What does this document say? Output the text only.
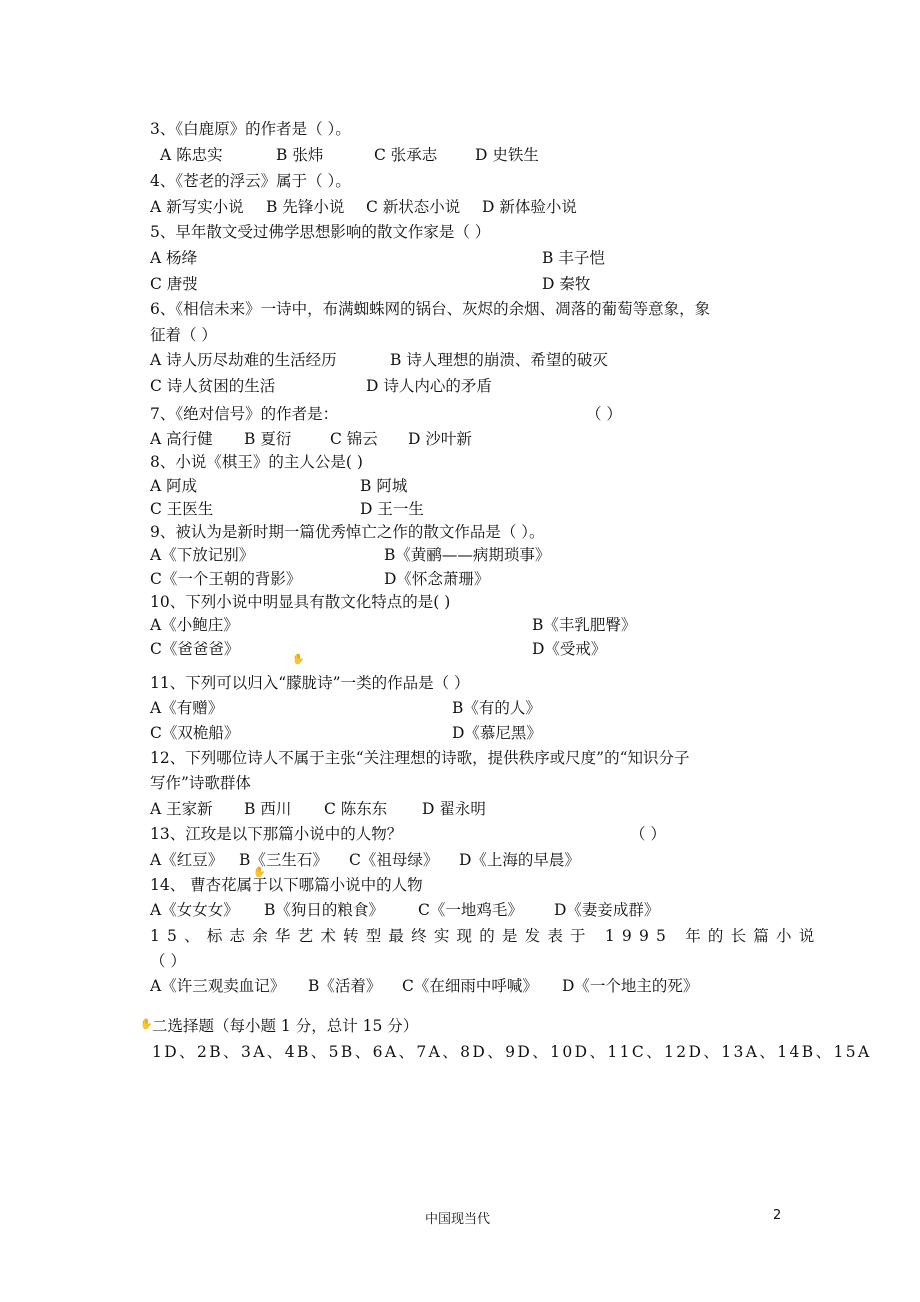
3、《白鹿原》的作者是（ ）。
A 陈忠实	B 张炜	C 张承志 D 史铁生
4、《苍老的浮云》属于（ ）。
A 新写实小说 B 先锋小说 C 新状态小说 D 新体验小说
5、早年散文受过佛学思想影响的散文作家是（ ）
A 杨绛	B 丰子恺
C 唐弢	D 秦牧
6、《相信未来》一诗中，布满蜘蛛网的锅台、灰烬的余烟、凋落的葡萄等意象，象
征着（ ）
A 诗人历尽劫难的生活经历	B 诗人理想的崩溃、希望的破灭
C 诗人贫困的生活	D 诗人内心的矛盾
7、《绝对信号》的作者是：	（ ）
A 高行健 B 夏衍 C 锦云 D 沙叶新
8、小说《棋王》的主人公是( )
A 阿成	B 阿城
C 王医生	D 王一生
9、被认为是新时期一篇优秀悼亡之作的散文作品是（ ）。
A《下放记别》	B《黄鹂——病期琐事》
C《一个王朝的背影》	D《怀念萧珊》
10、下列小说中明显具有散文化特点的是( )
A《小鲍庄》	B《丰乳肥臀》
C《爸爸爸》	D《受戒》
✋
11、下列可以归入“朦胧诗”一类的作品是（ ）
A《有赠》	B《有的人》
C《双桅船》	D《慕尼黑》
12、下列哪位诗人不属于主张“关注理想的诗歌，提供秩序或尺度”的“知识分子
写作”诗歌群体
A 王家新 B 西川 C 陈东东 D 翟永明
13、江玫是以下那篇小说中的人物？	（ ）
A《红豆》 B《三生石》 C《祖母绿》 D《上海的早晨》
✋
14、 曹杏花属于以下哪篇小说中的人物
A《女女女》 B《狗日的粮食》 C《一地鸡毛》 D《妻妾成群》
15、标志余华艺术转型最终实现的是发表于 1995 年的长篇小说
（ ）
A《许三观卖血记》 B《活着》 C《在细雨中呼喊》 D《一个地主的死》
✋ 二选择题（每小题 1 分，总计 15 分）
1D、2B、3A、4B、5B、6A、7A、8D、9D、10D、11C、12D、13A、14B、15A
中国现当代	2
